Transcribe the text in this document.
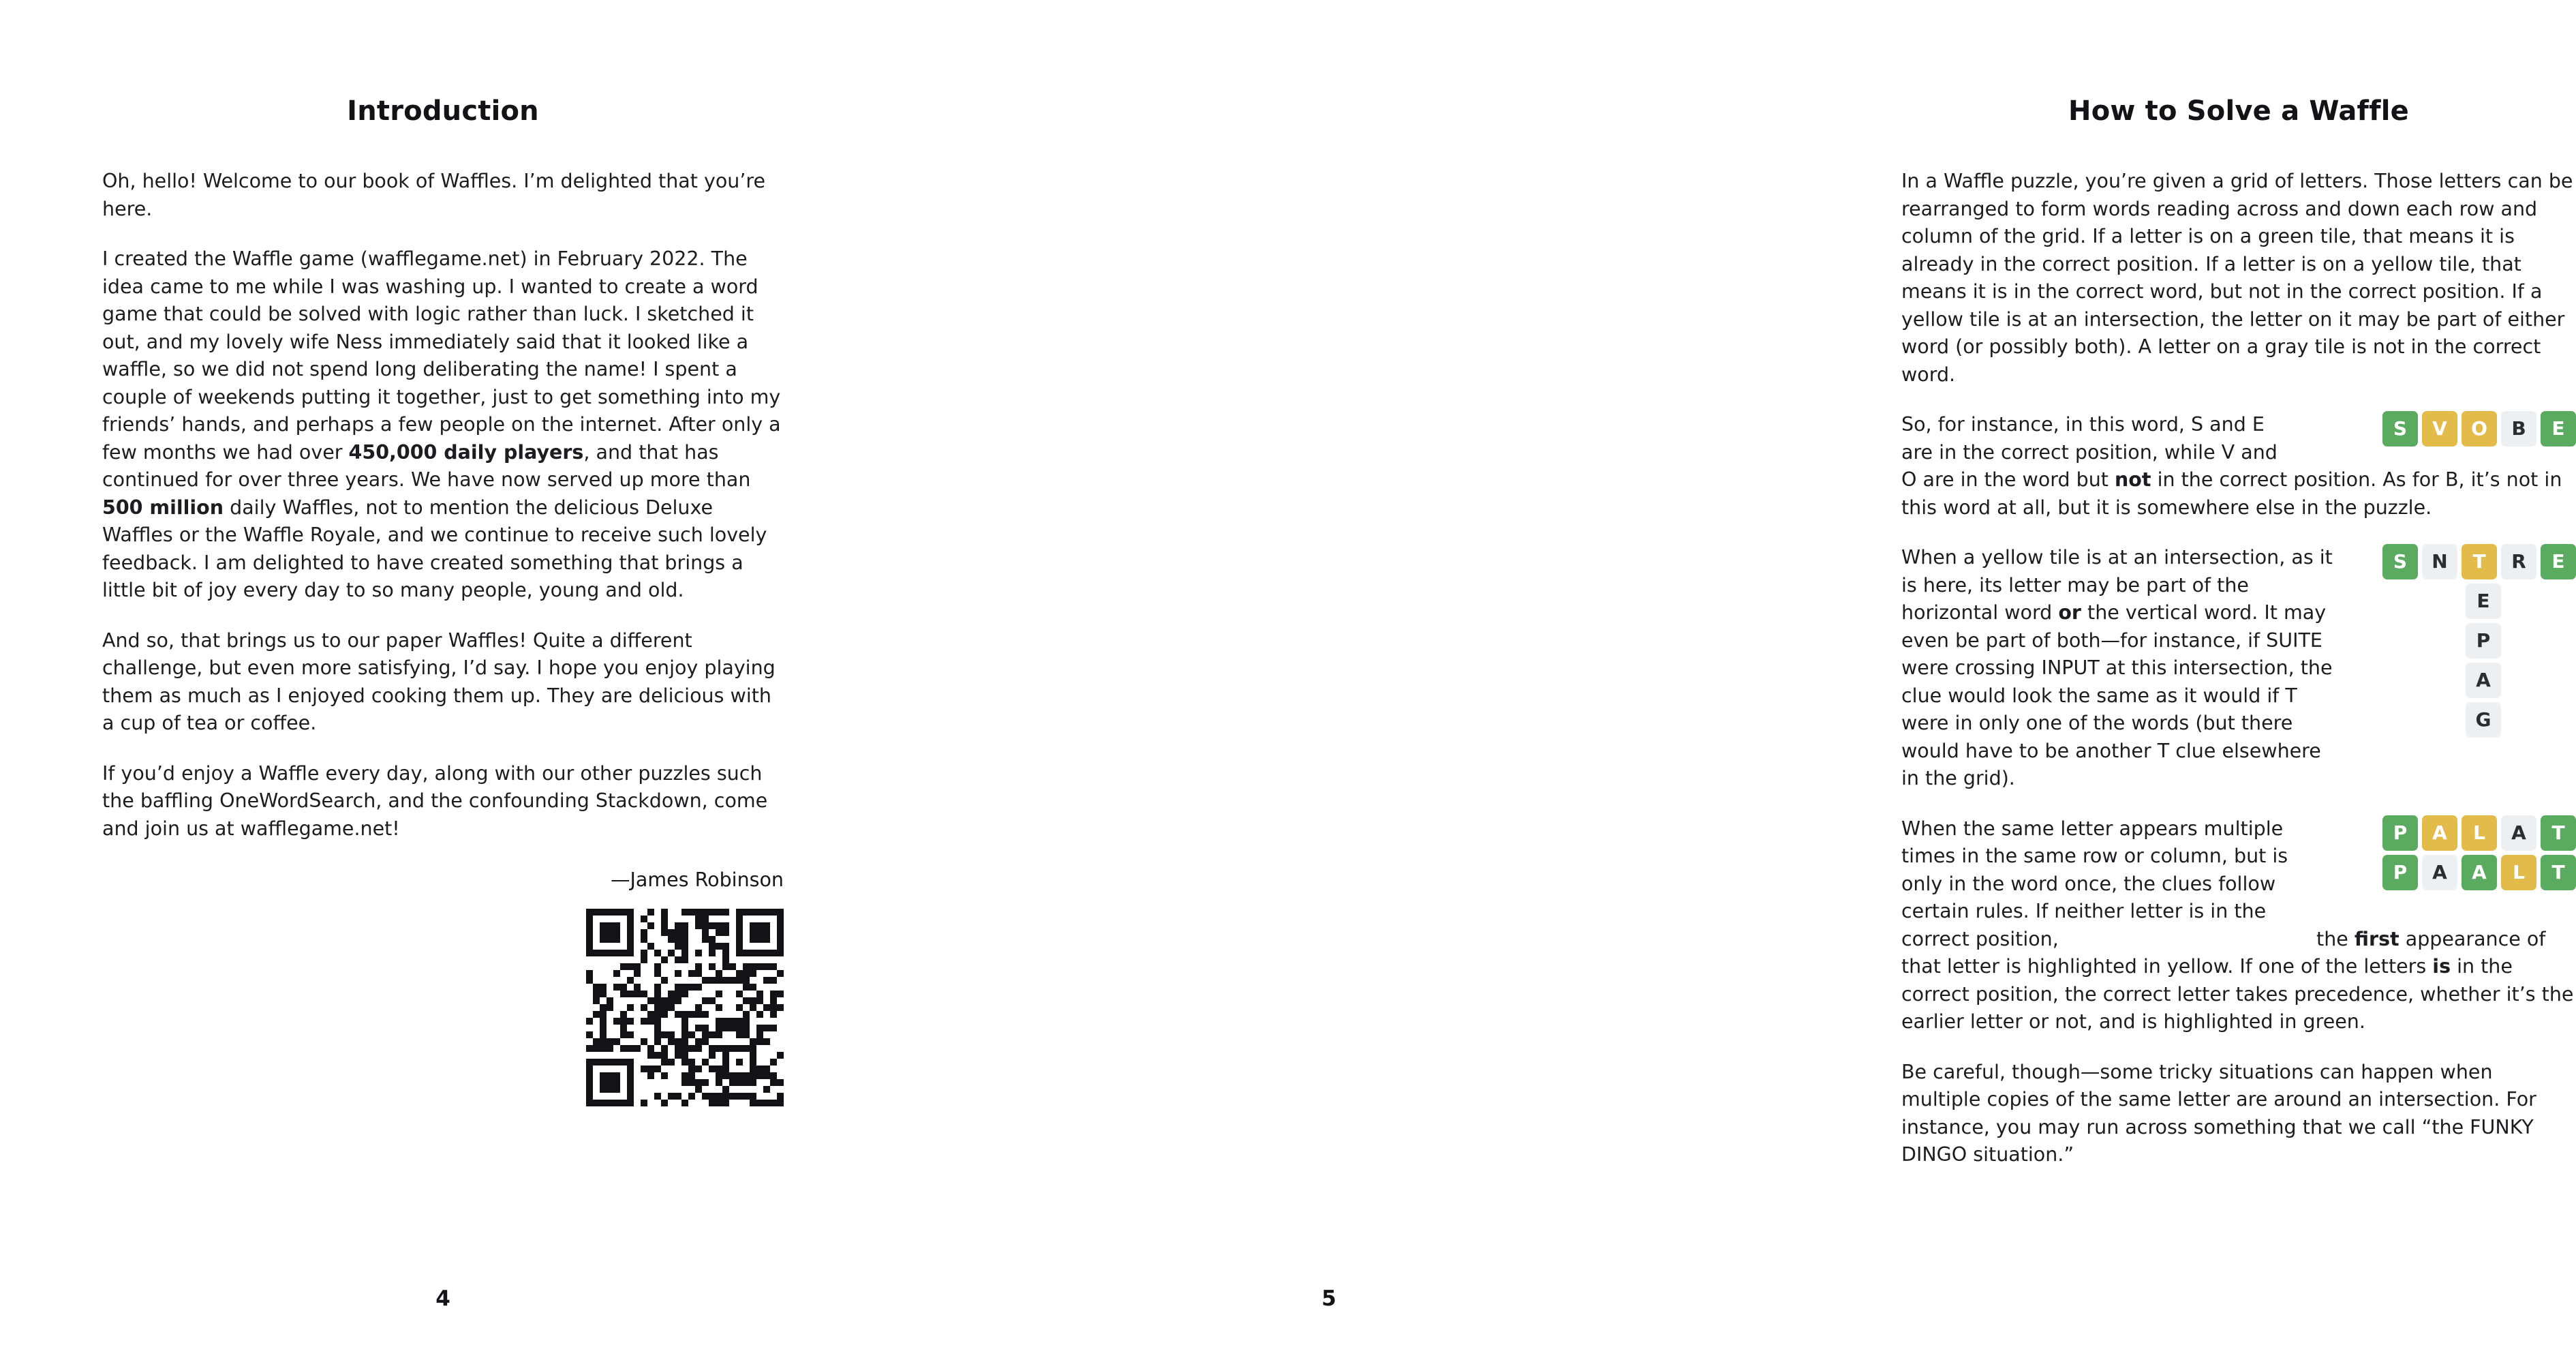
Introduction

Oh, hello! Welcome to our book of Waffles. I’m delighted that you’re here.

I created the Waffle game (wafflegame.net) in February 2022. The idea came to me while I was washing up. I wanted to create a word game that could be solved with logic rather than luck. I sketched it out, and my lovely wife Ness immediately said that it looked like a waffle, so we did not spend long deliberating the name! I spent a couple of weekends putting it together, just to get something into my friends’ hands, and perhaps a few people on the internet. After only a few months we had over 450,000 daily players, and that has continued for over three years. We have now served up more than 500 million daily Waffles, not to mention the delicious Deluxe Waffles or the Waffle Royale, and we continue to receive such lovely feedback. I am delighted to have created something that brings a little bit of joy every day to so many people, young and old.

And so, that brings us to our paper Waffles! Quite a different challenge, but even more satisfying, I’d say. I hope you enjoy playing them as much as I enjoyed cooking them up. They are delicious with a cup of tea or coffee.

If you’d enjoy a Waffle every day, along with our other puzzles such the baffling OneWordSearch, and the confounding Stackdown, come and join us at wafflegame.net!

—James Robinson

4
How to Solve a Waffle

In a Waffle puzzle, you’re given a grid of letters. Those letters can be rearranged to form words reading across and down each row and column of the grid. If a letter is on a green tile, that means it is already in the correct position. If a letter is on a yellow tile, that means it is in the correct word, but not in the correct position. If a yellow tile is at an intersection, the letter on it may be part of either word (or possibly both). A letter on a gray tile is not in the correct word.

S	V	O	B	E

So, for instance, in this word, S and E
are in the correct position, while V and
O are in the word but not in the correct position. As for B, it’s not in this word at all, but it is somewhere else in the puzzle.

S	N	T	R	E
E
P
A
G

When a yellow tile is at an intersection, as it is here, its letter may be part of the horizontal word or the vertical word. It may even be part of both—for instance, if SUITE were crossing INPUT at this intersection, the clue would look the same as it would if T were in only one of the words (but there would have to be another T clue elsewhere in the grid).

P	A	L	A	T
P	A	A	L	T

When the same letter appears multiple times in the same row or column, but is only in the word once, the clues follow certain rules. If neither letter is in the correct position,	the first appearance of that letter is highlighted in yellow. If one of the letters is in the correct position, the correct letter takes precedence, whether it’s the earlier letter or not, and is highlighted in green.

Be careful, though—some tricky situations can happen when multiple copies of the same letter are around an intersection. For instance, you may run across something that we call “the FUNKY DINGO situation.”

5
